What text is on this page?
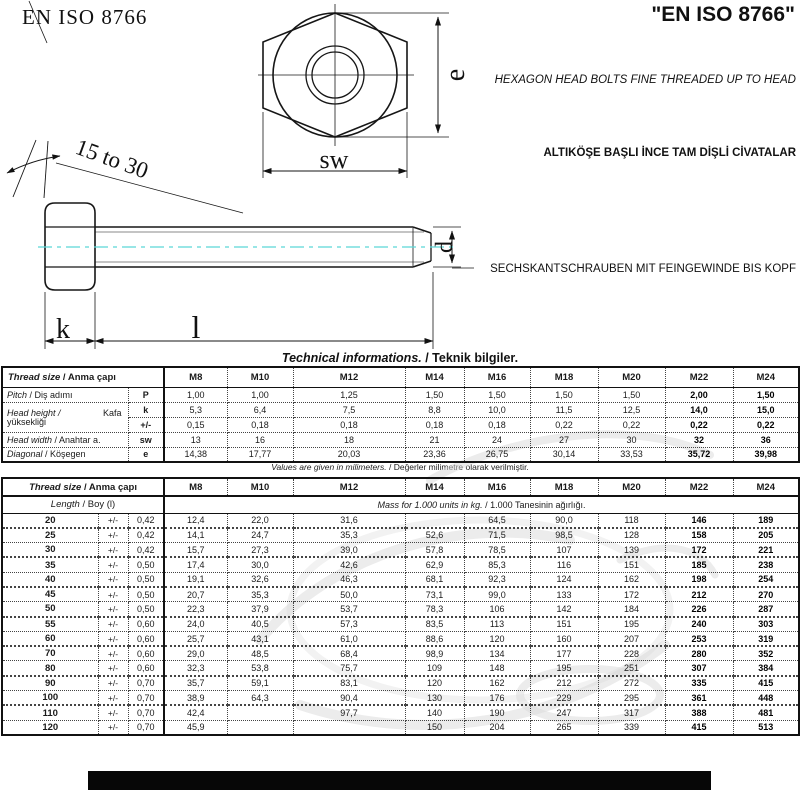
EN ISO 8766	"EN ISO 8766"
HEXAGON HEAD BOLTS FINE THREADED UP TO HEAD
ALTIKÖŞE BAŞLI İNCE TAM DİŞLİ CİVATALAR
SECHSKANTSCHRAUBEN MIT FEINGEWINDE BIS KOPF
e
sw
15 to 30
d
k	l
Technical informations. / Teknik bilgiler.
Thread size / Anma çapı		M8	M10	M12	M14	M16	M18	M20	M22	M24
Pitch / Diş adımı	P	1,00	1,00	1,25	1,50	1,50	1,50	1,50	2,00	1,50

Head height / Kafa
yüksekliği	k	5,3	6,4	7,5	8,8	10,0	11,5	12,5	14,0	15,0
	+/-	0,15	0,18	0,18	0,18	0,18	0,22	0,22	0,22	0,22
Head width / Anahtar a.	sw	13	16	18	21	24	27	30	32	36
Diagonal / Köşegen	e	14,38	17,77	20,03	23,36	26,75	30,14	33,53	35,72	39,98
Values are given in milimeters. / Değerler milimetre olarak verilmiştir.
Thread size / Anma çapı			M8	M10	M12	M14	M16	M18	M20	M22	M24
Length / Boy (l)			Mass for 1.000 units in kg. / 1.000 Tanesinin ağırlığı.								
20	+/-	0,42	12,4	22,0	31,6		64,5	90,0	118	146	189
25	+/-	0,42	14,1	24,7	35,3	52,6	71,5	98,5	128	158	205
30	+/-	0,42	15,7	27,3	39,0	57,8	78,5	107	139	172	221
35	+/-	0,50	17,4	30,0	42,6	62,9	85,3	116	151	185	238
40	+/-	0,50	19,1	32,6	46,3	68,1	92,3	124	162	198	254
45	+/-	0,50	20,7	35,3	50,0	73,1	99,0	133	172	212	270
50	+/-	0,50	22,3	37,9	53,7	78,3	106	142	184	226	287
55	+/-	0,60	24,0	40,5	57,3	83,5	113	151	195	240	303
60	+/-	0,60	25,7	43,1	61,0	88,6	120	160	207	253	319
70	+/-	0,60	29,0	48,5	68,4	98,9	134	177	228	280	352
80	+/-	0,60	32,3	53,8	75,7	109	148	195	251	307	384
90	+/-	0,70	35,7	59,1	83,1	120	162	212	272	335	415
100	+/-	0,70	38,9	64,3	90,4	130	176	229	295	361	448
110	+/-	0,70	42,4		97,7	140	190	247	317	388	481
120	+/-	0,70	45,9			150	204	265	339	415	513
